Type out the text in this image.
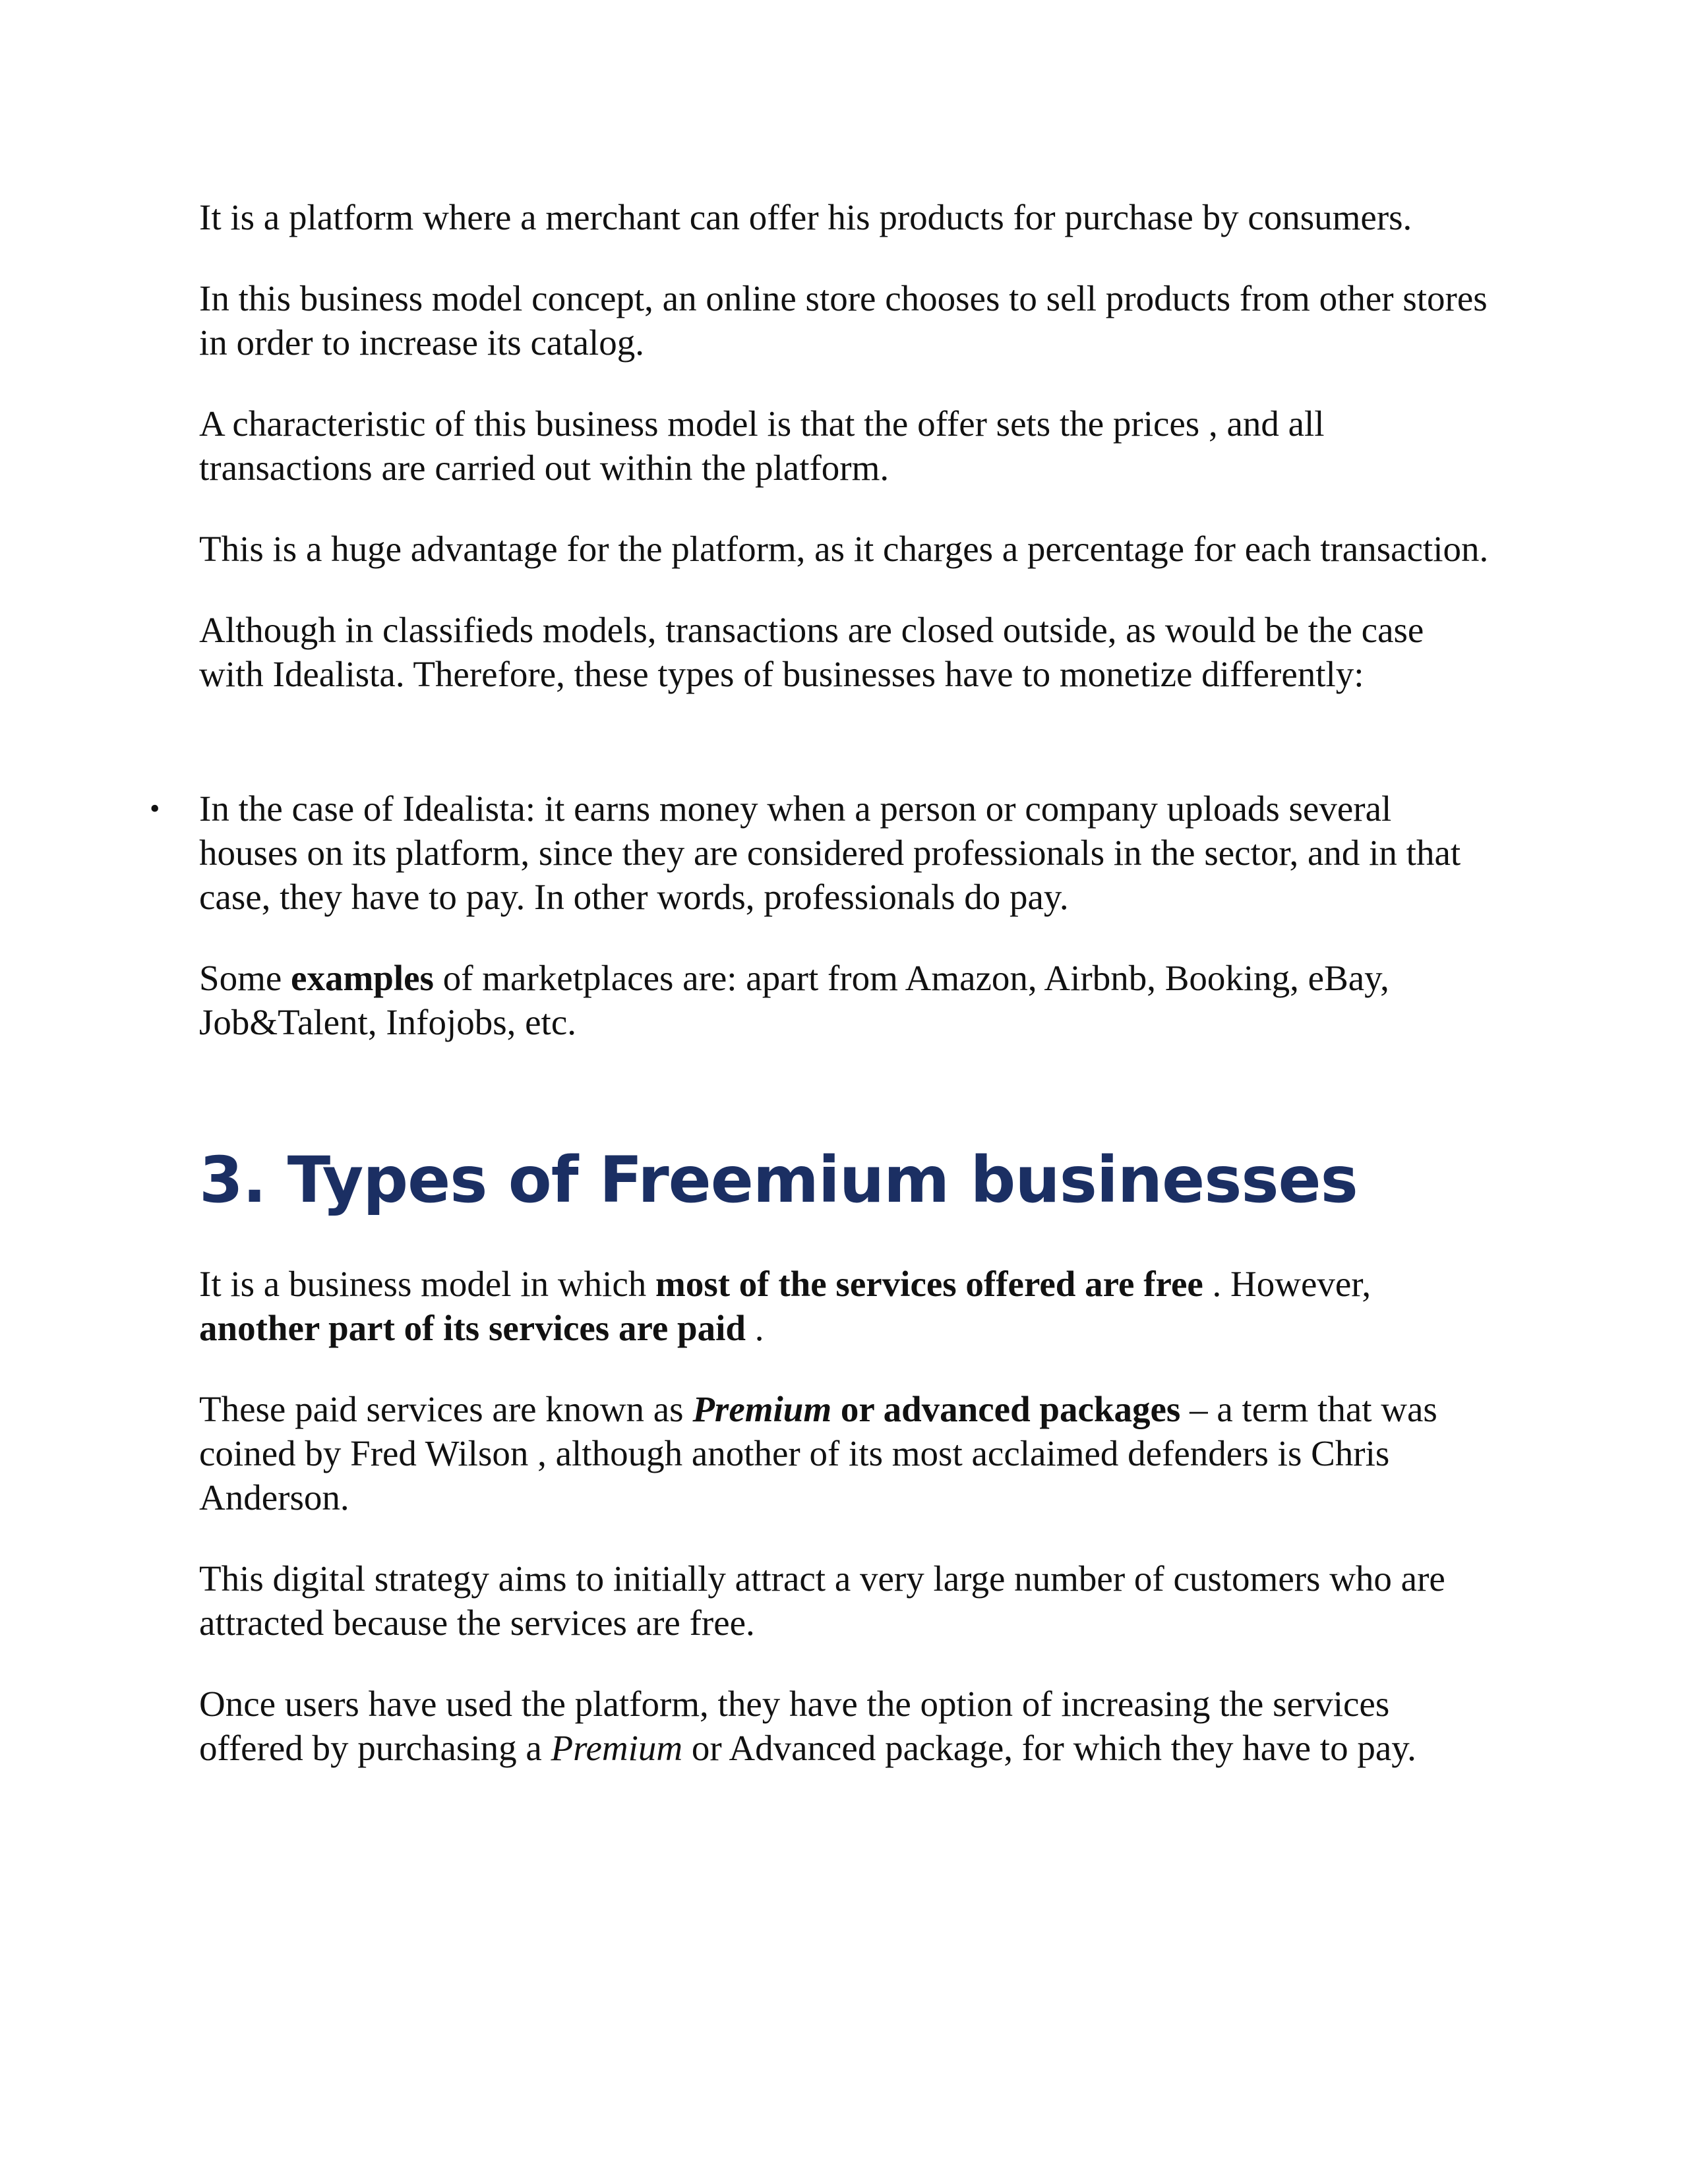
It is a platform where a merchant can offer his products for purchase by consumers.

In this business model concept, an online store chooses to sell products from other stores in order to increase its catalog.

A characteristic of this business model is that the offer sets the prices , and all transactions are carried out within the platform.

This is a huge advantage for the platform, as it charges a percentage for each transaction.

Although in classifieds models, transactions are closed outside, as would be the case with Idealista. Therefore, these types of businesses have to monetize differently:

• In the case of Idealista: it earns money when a person or company uploads several houses on its platform, since they are considered professionals in the sector, and in that case, they have to pay. In other words, professionals do pay.

Some examples of marketplaces are: apart from Amazon, Airbnb, Booking, eBay, Job&Talent, Infojobs, etc.

3. Types of Freemium businesses

It is a business model in which most of the services offered are free . However, another part of its services are paid .

These paid services are known as Premium or advanced packages – a term that was coined by Fred Wilson , although another of its most acclaimed defenders is Chris Anderson.

This digital strategy aims to initially attract a very large number of customers who are attracted because the services are free.

Once users have used the platform, they have the option of increasing the services offered by purchasing a Premium or Advanced package, for which they have to pay.
